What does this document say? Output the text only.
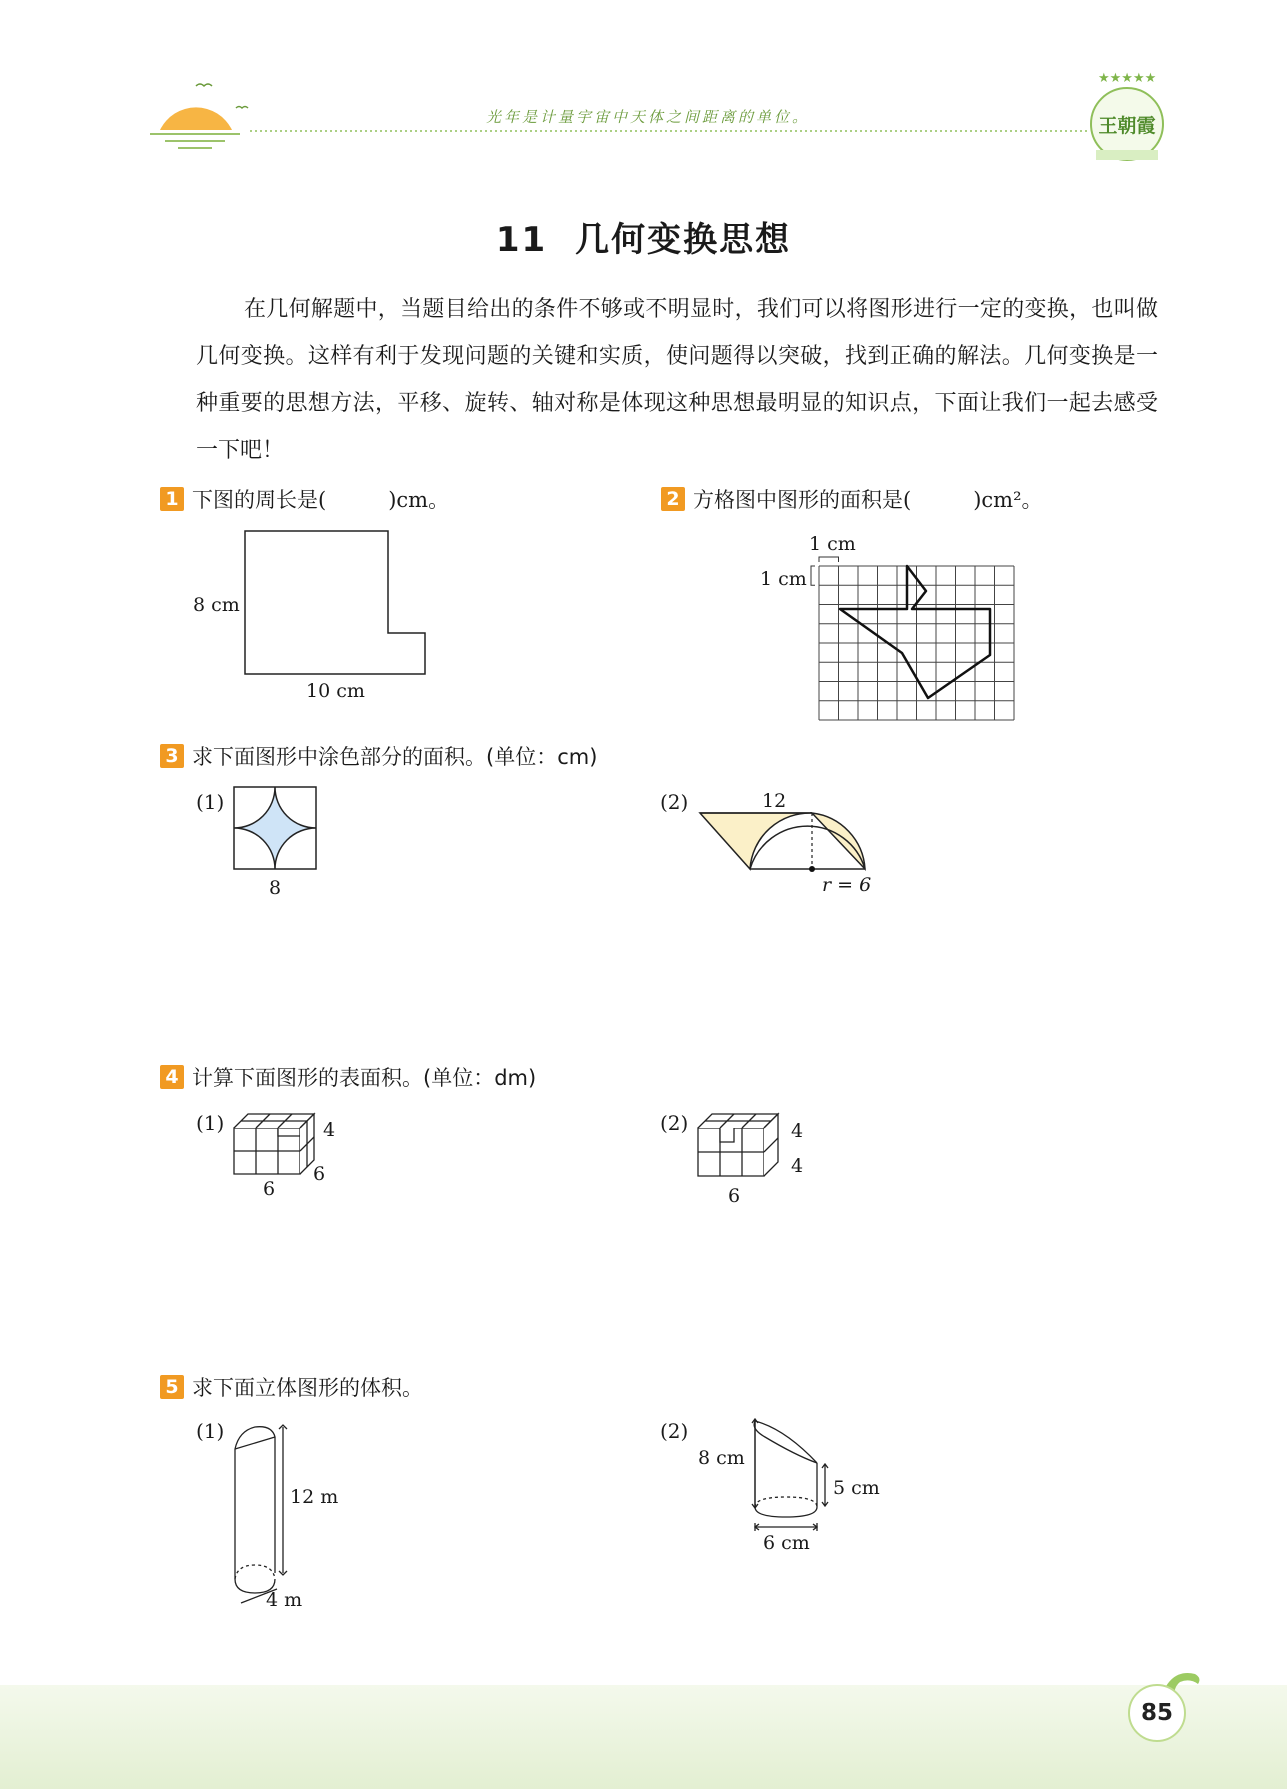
★★★★★
王朝霞
光年是计量宇宙中天体之间距离的单位。
11 几何变换思想
在几何解题中，当题目给出的条件不够或不明显时，我们可以将图形进行一定的变换，也叫做几何变换。这样有利于发现问题的关键和实质，使问题得以突破，找到正确的解法。几何变换是一种重要的思想方法，平移、旋转、轴对称是体现这种思想最明显的知识点，下面让我们一起去感受一下吧！
1 下图的周长是(	)cm。
8 cm
10 cm
2 方格图中图形的面积是(	)cm²。
1 cm
1 cm
3 求下面图形中涂色部分的面积。(单位：cm)
(1)
8
(2)	12
r = 6
4 计算下面图形的表面积。(单位：dm)
(1)	4
6
6
(2)	4
4
6
5 求下面立体图形的体积。
(1)
12 m
4 m
(2)
8 cm
5 cm
6 cm
85
